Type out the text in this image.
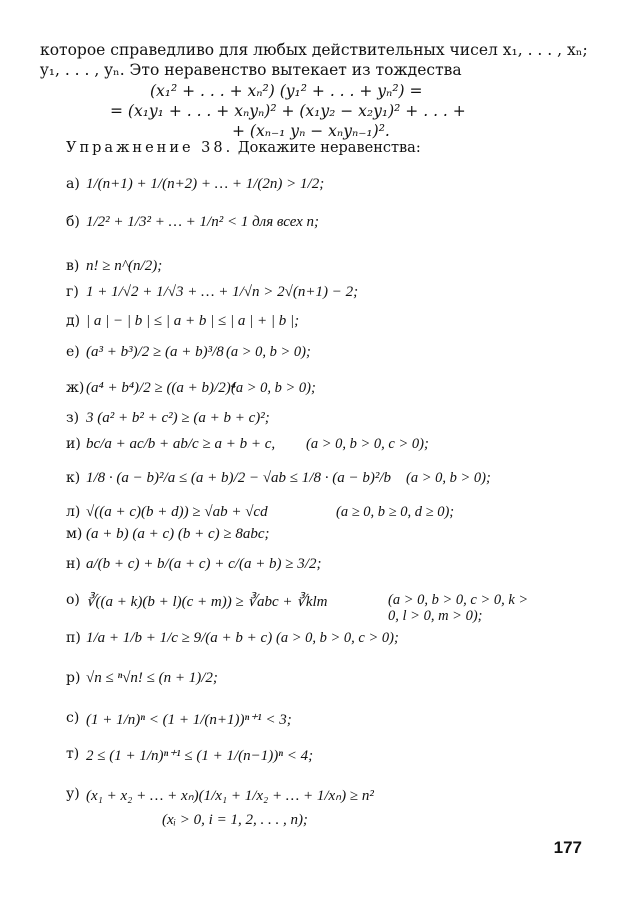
которое справедливо для любых действительных чисел x₁, . . . , xₙ;
y₁, . . . , yₙ. Это неравенство вытекает из тождества
(x₁² + . . . + xₙ²) (y₁² + . . . + yₙ²) =
= (x₁y₁ + . . . + xₙyₙ)² + (x₁y₂ − x₂y₁)² + . . . +
+ (xₙ₋₁ yₙ − xₙyₙ₋₁)².
Упражнение 38. Докажите неравенства:
а) 1/(n+1) + 1/(n+2) + … + 1/(2n) > 1/2;
б) 1/2² + 1/3² + … + 1/n² < 1 для всех n;
в) n! ≥ n^(n/2);
г) 1 + 1/√2 + 1/√3 + … + 1/√n > 2√(n+1) − 2;
д) | a | − | b | ≤ | a + b | ≤ | a | + | b |;
е) (a³ + b³)/2 ≥ (a + b)³/8 (a > 0, b > 0);
ж) (a⁴ + b⁴)/2 ≥ ((a + b)/2)⁴
(a > 0, b > 0);
з) 3 (a² + b² + c²) ≥ (a + b + c)²;
и) bc/a + ac/b + ab/c ≥ a + b + c, (a > 0, b > 0, c > 0);
к) 1/8 · (a − b)²/a ≤ (a + b)/2 − √ab ≤ 1/8 · (a − b)²/b (a > 0, b > 0);
л) √((a + c)(b + d)) ≥ √ab + √cd	(a ≥ 0, b ≥ 0, d ≥ 0);
м) (a + b) (a + c) (b + c) ≥ 8abc;
н) a/(b + c) + b/(a + c) + c/(a + b) ≥ 3/2;
о) ∛((a + k)(b + l)(c + m)) ≥ ∛abc + ∛klm	(a > 0, b > 0, c > 0, k > 0, l > 0, m > 0);
п) 1/a + 1/b + 1/c ≥ 9/(a + b + c) (a > 0, b > 0, c > 0);
р) √n ≤ ⁿ√n! ≤ (n + 1)/2;
с) (1 + 1/n)ⁿ < (1 + 1/(n+1))ⁿ⁺¹ < 3;
т) 2 ≤ (1 + 1/n)ⁿ⁺¹ ≤ (1 + 1/(n−1))ⁿ < 4;
у) (x₁ + x₂ + … + xₙ)(1/x₁ + 1/x₂ + … + 1/xₙ) ≥ n²
(xᵢ > 0, i = 1, 2, . . . , n);
177
